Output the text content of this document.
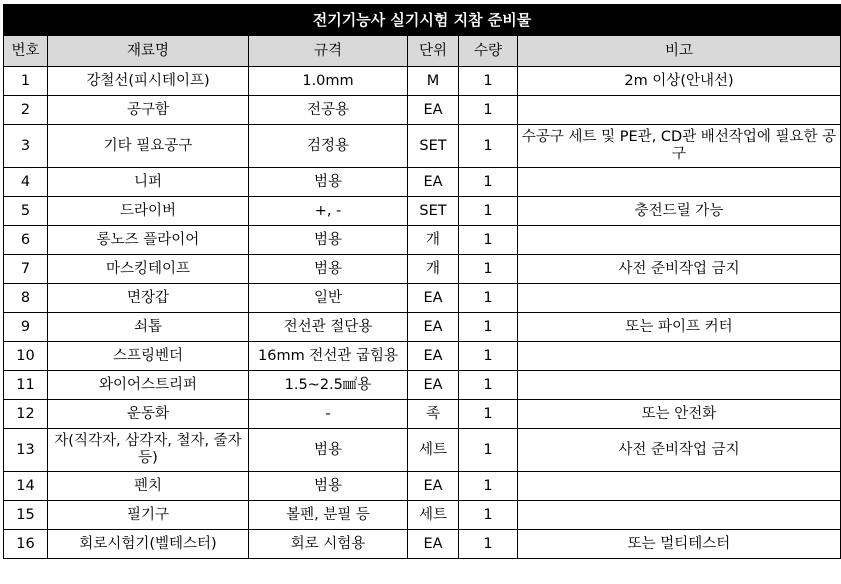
전기기능사 실기시험 지참 준비물					
번호	재료명	규격	단위	수량	비고
1	강철선(피시테이프)	1.0mm	M	1	2m 이상(안내선)
2	공구함	전공용	EA	1	
3	기타 필요공구	검정용	SET	1	수공구 세트 및 PE관, CD관 배선작업에 필요한 공구
4	니퍼	범용	EA	1	
5	드라이버	+, -	SET	1	충전드릴 가능
6	롱노즈 플라이어	범용	개	1	
7	마스킹테이프	범용	개	1	사전 준비작업 금지
8	면장갑	일반	EA	1	
9	쇠톱	전선관 절단용	EA	1	또는 파이프 커터
10	스프링벤더	16mm 전선관 굽힘용	EA	1	
11	와이어스트리퍼	1.5~2.5㎟용	EA	1	
12	운동화	-	족	1	또는 안전화
13	자(직각자, 삼각자, 철자, 줄자 등)	범용	세트	1	사전 준비작업 금지
14	펜치	범용	EA	1	
15	필기구	볼펜, 분필 등	세트	1	
16	회로시험기(벨테스터)	회로 시험용	EA	1	또는 멀티테스터
